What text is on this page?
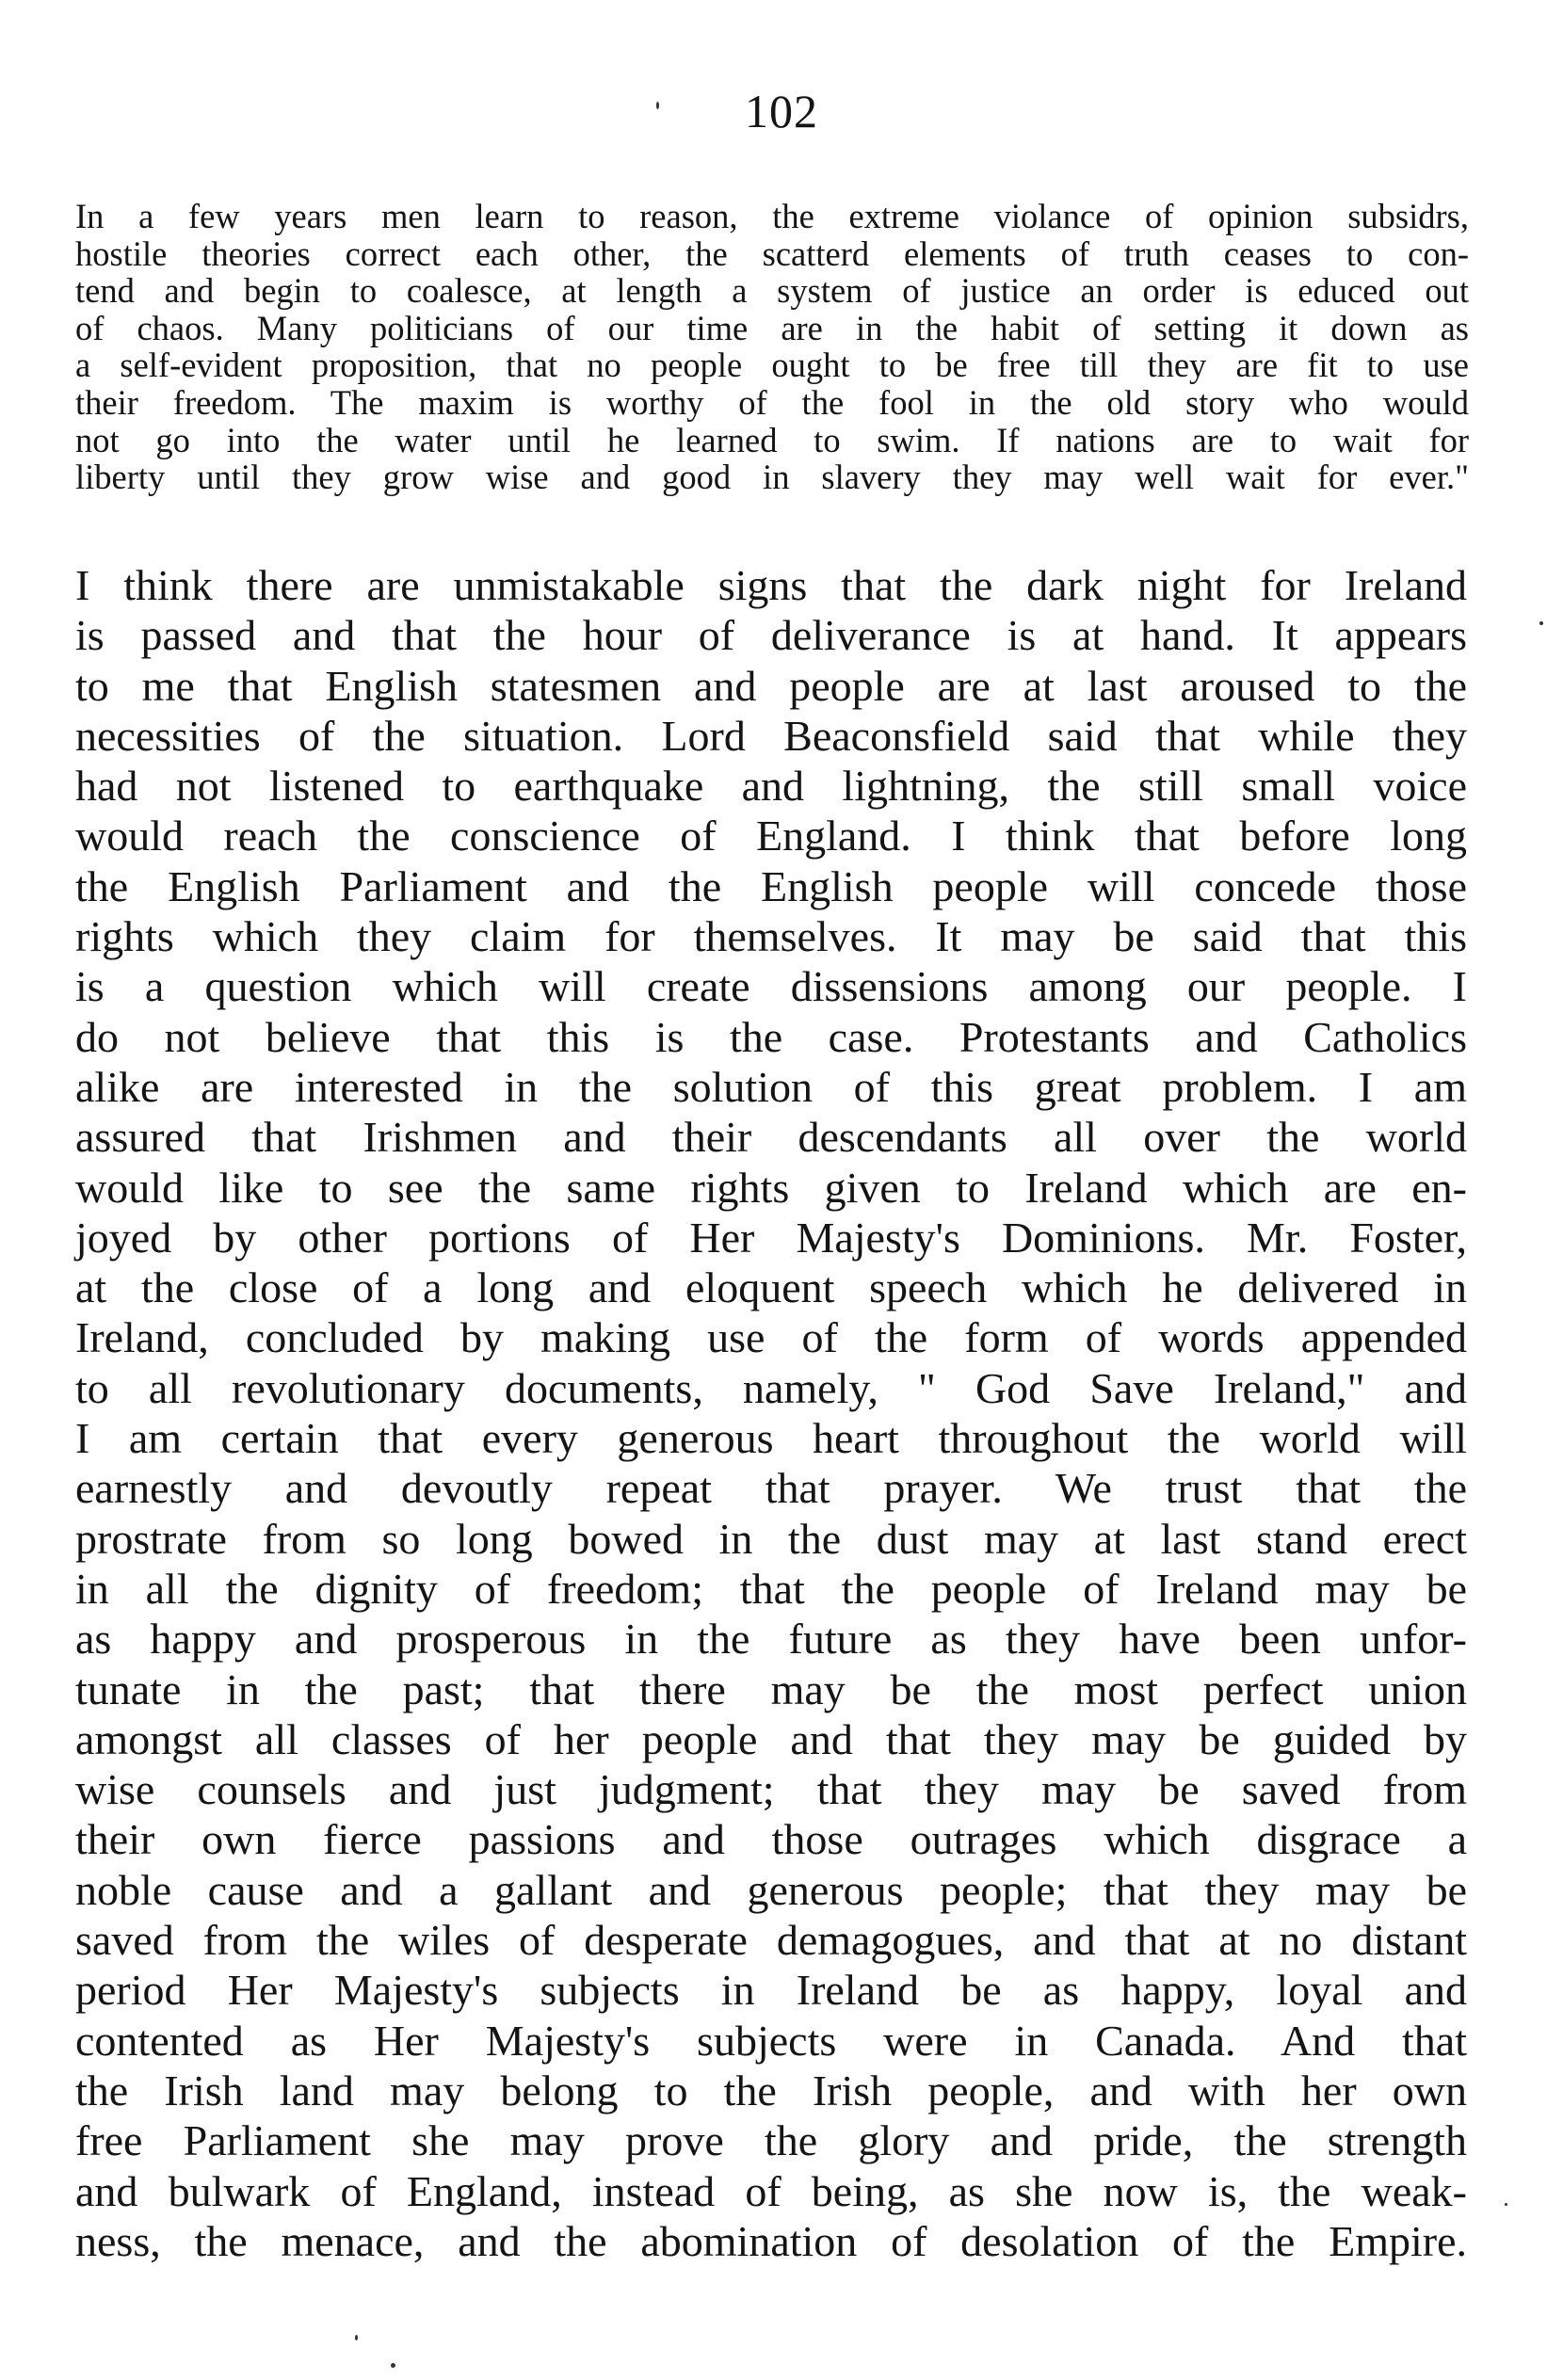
102
In a few years men learn to reason, the extreme violance of opinion subsidrs,
hostile theories correct each other, the scatterd elements of truth ceases to con-
tend and begin to coalesce, at length a system of justice an order is educed out
of chaos. Many politicians of our time are in the habit of setting it down as
a self-evident proposition, that no people ought to be free till they are fit to use
their freedom. The maxim is worthy of the fool in the old story who would
not go into the water until he learned to swim. If nations are to wait for
liberty until they grow wise and good in slavery they may well wait for ever."
I think there are unmistakable signs that the dark night for Ireland
is passed and that the hour of deliverance is at hand. It appears
to me that English statesmen and people are at last aroused to the
necessities of the situation. Lord Beaconsfield said that while they
had not listened to earthquake and lightning, the still small voice
would reach the conscience of England. I think that before long
the English Parliament and the English people will concede those
rights which they claim for themselves. It may be said that this
is a question which will create dissensions among our people. I
do not believe that this is the case. Protestants and Catholics
alike are interested in the solution of this great problem. I am
assured that Irishmen and their descendants all over the world
would like to see the same rights given to Ireland which are en-
joyed by other portions of Her Majesty's Dominions. Mr. Foster,
at the close of a long and eloquent speech which he delivered in
Ireland, concluded by making use of the form of words appended
to all revolutionary documents, namely, " God Save Ireland," and
I am certain that every generous heart throughout the world will
earnestly and devoutly repeat that prayer. We trust that the
prostrate from so long bowed in the dust may at last stand erect
in all the dignity of freedom; that the people of Ireland may be
as happy and prosperous in the future as they have been unfor-
tunate in the past; that there may be the most perfect union
amongst all classes of her people and that they may be guided by
wise counsels and just judgment; that they may be saved from
their own fierce passions and those outrages which disgrace a
noble cause and a gallant and generous people; that they may be
saved from the wiles of desperate demagogues, and that at no distant
period Her Majesty's subjects in Ireland be as happy, loyal and
contented as Her Majesty's subjects were in Canada. And that
the Irish land may belong to the Irish people, and with her own
free Parliament she may prove the glory and pride, the strength
and bulwark of England, instead of being, as she now is, the weak-
ness, the menace, and the abomination of desolation of the Empire.
